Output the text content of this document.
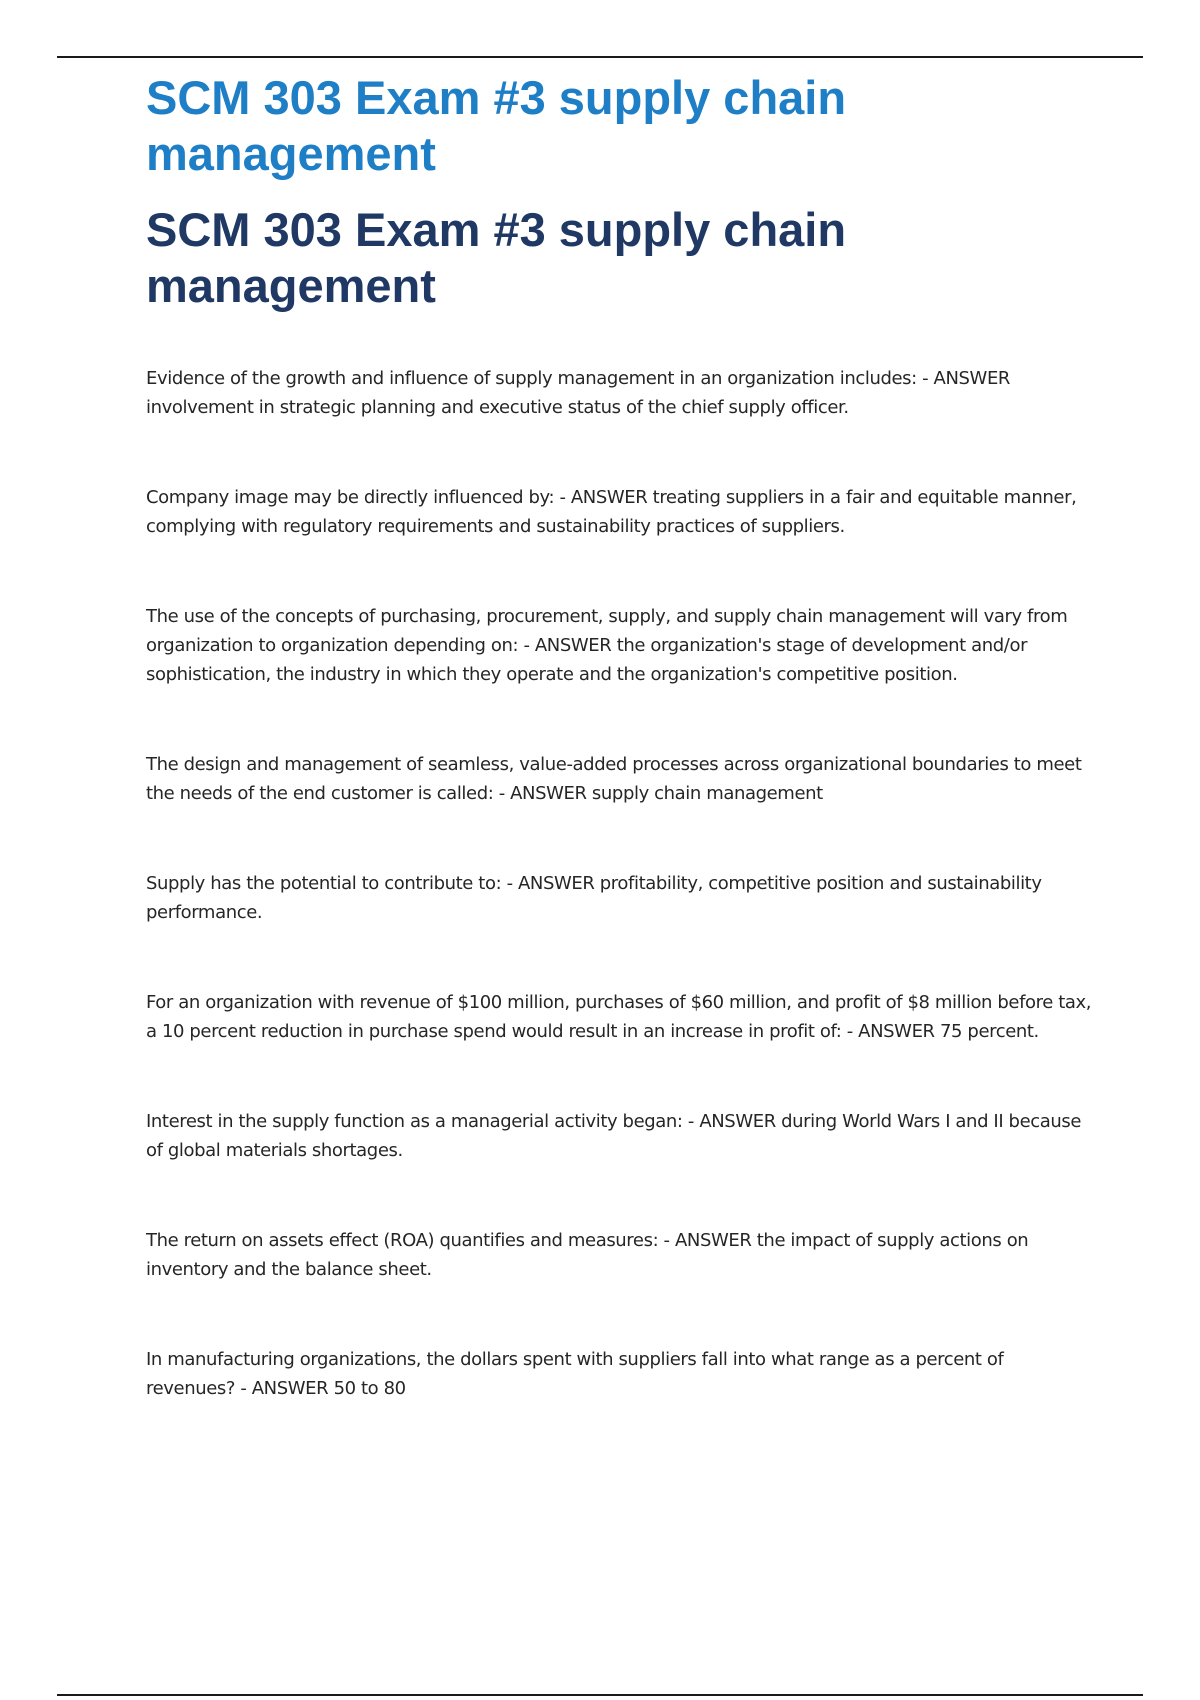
SCM 303 Exam #3 supply chain management
SCM 303 Exam #3 supply chain management
Evidence of the growth and influence of supply management in an organization includes: - ANSWER involvement in strategic planning and executive status of the chief supply officer.
Company image may be directly influenced by: - ANSWER treating suppliers in a fair and equitable manner, complying with regulatory requirements and sustainability practices of suppliers.
The use of the concepts of purchasing, procurement, supply, and supply chain management will vary from organization to organization depending on: - ANSWER the organization's stage of development and/or sophistication, the industry in which they operate and the organization's competitive position.
The design and management of seamless, value-added processes across organizational boundaries to meet the needs of the end customer is called: - ANSWER supply chain management
Supply has the potential to contribute to: - ANSWER profitability, competitive position and sustainability performance.
For an organization with revenue of $100 million, purchases of $60 million, and profit of $8 million before tax, a 10 percent reduction in purchase spend would result in an increase in profit of: - ANSWER 75 percent.
Interest in the supply function as a managerial activity began: - ANSWER during World Wars I and II because of global materials shortages.
The return on assets effect (ROA) quantifies and measures: - ANSWER the impact of supply actions on inventory and the balance sheet.
In manufacturing organizations, the dollars spent with suppliers fall into what range as a percent of revenues? - ANSWER 50 to 80
